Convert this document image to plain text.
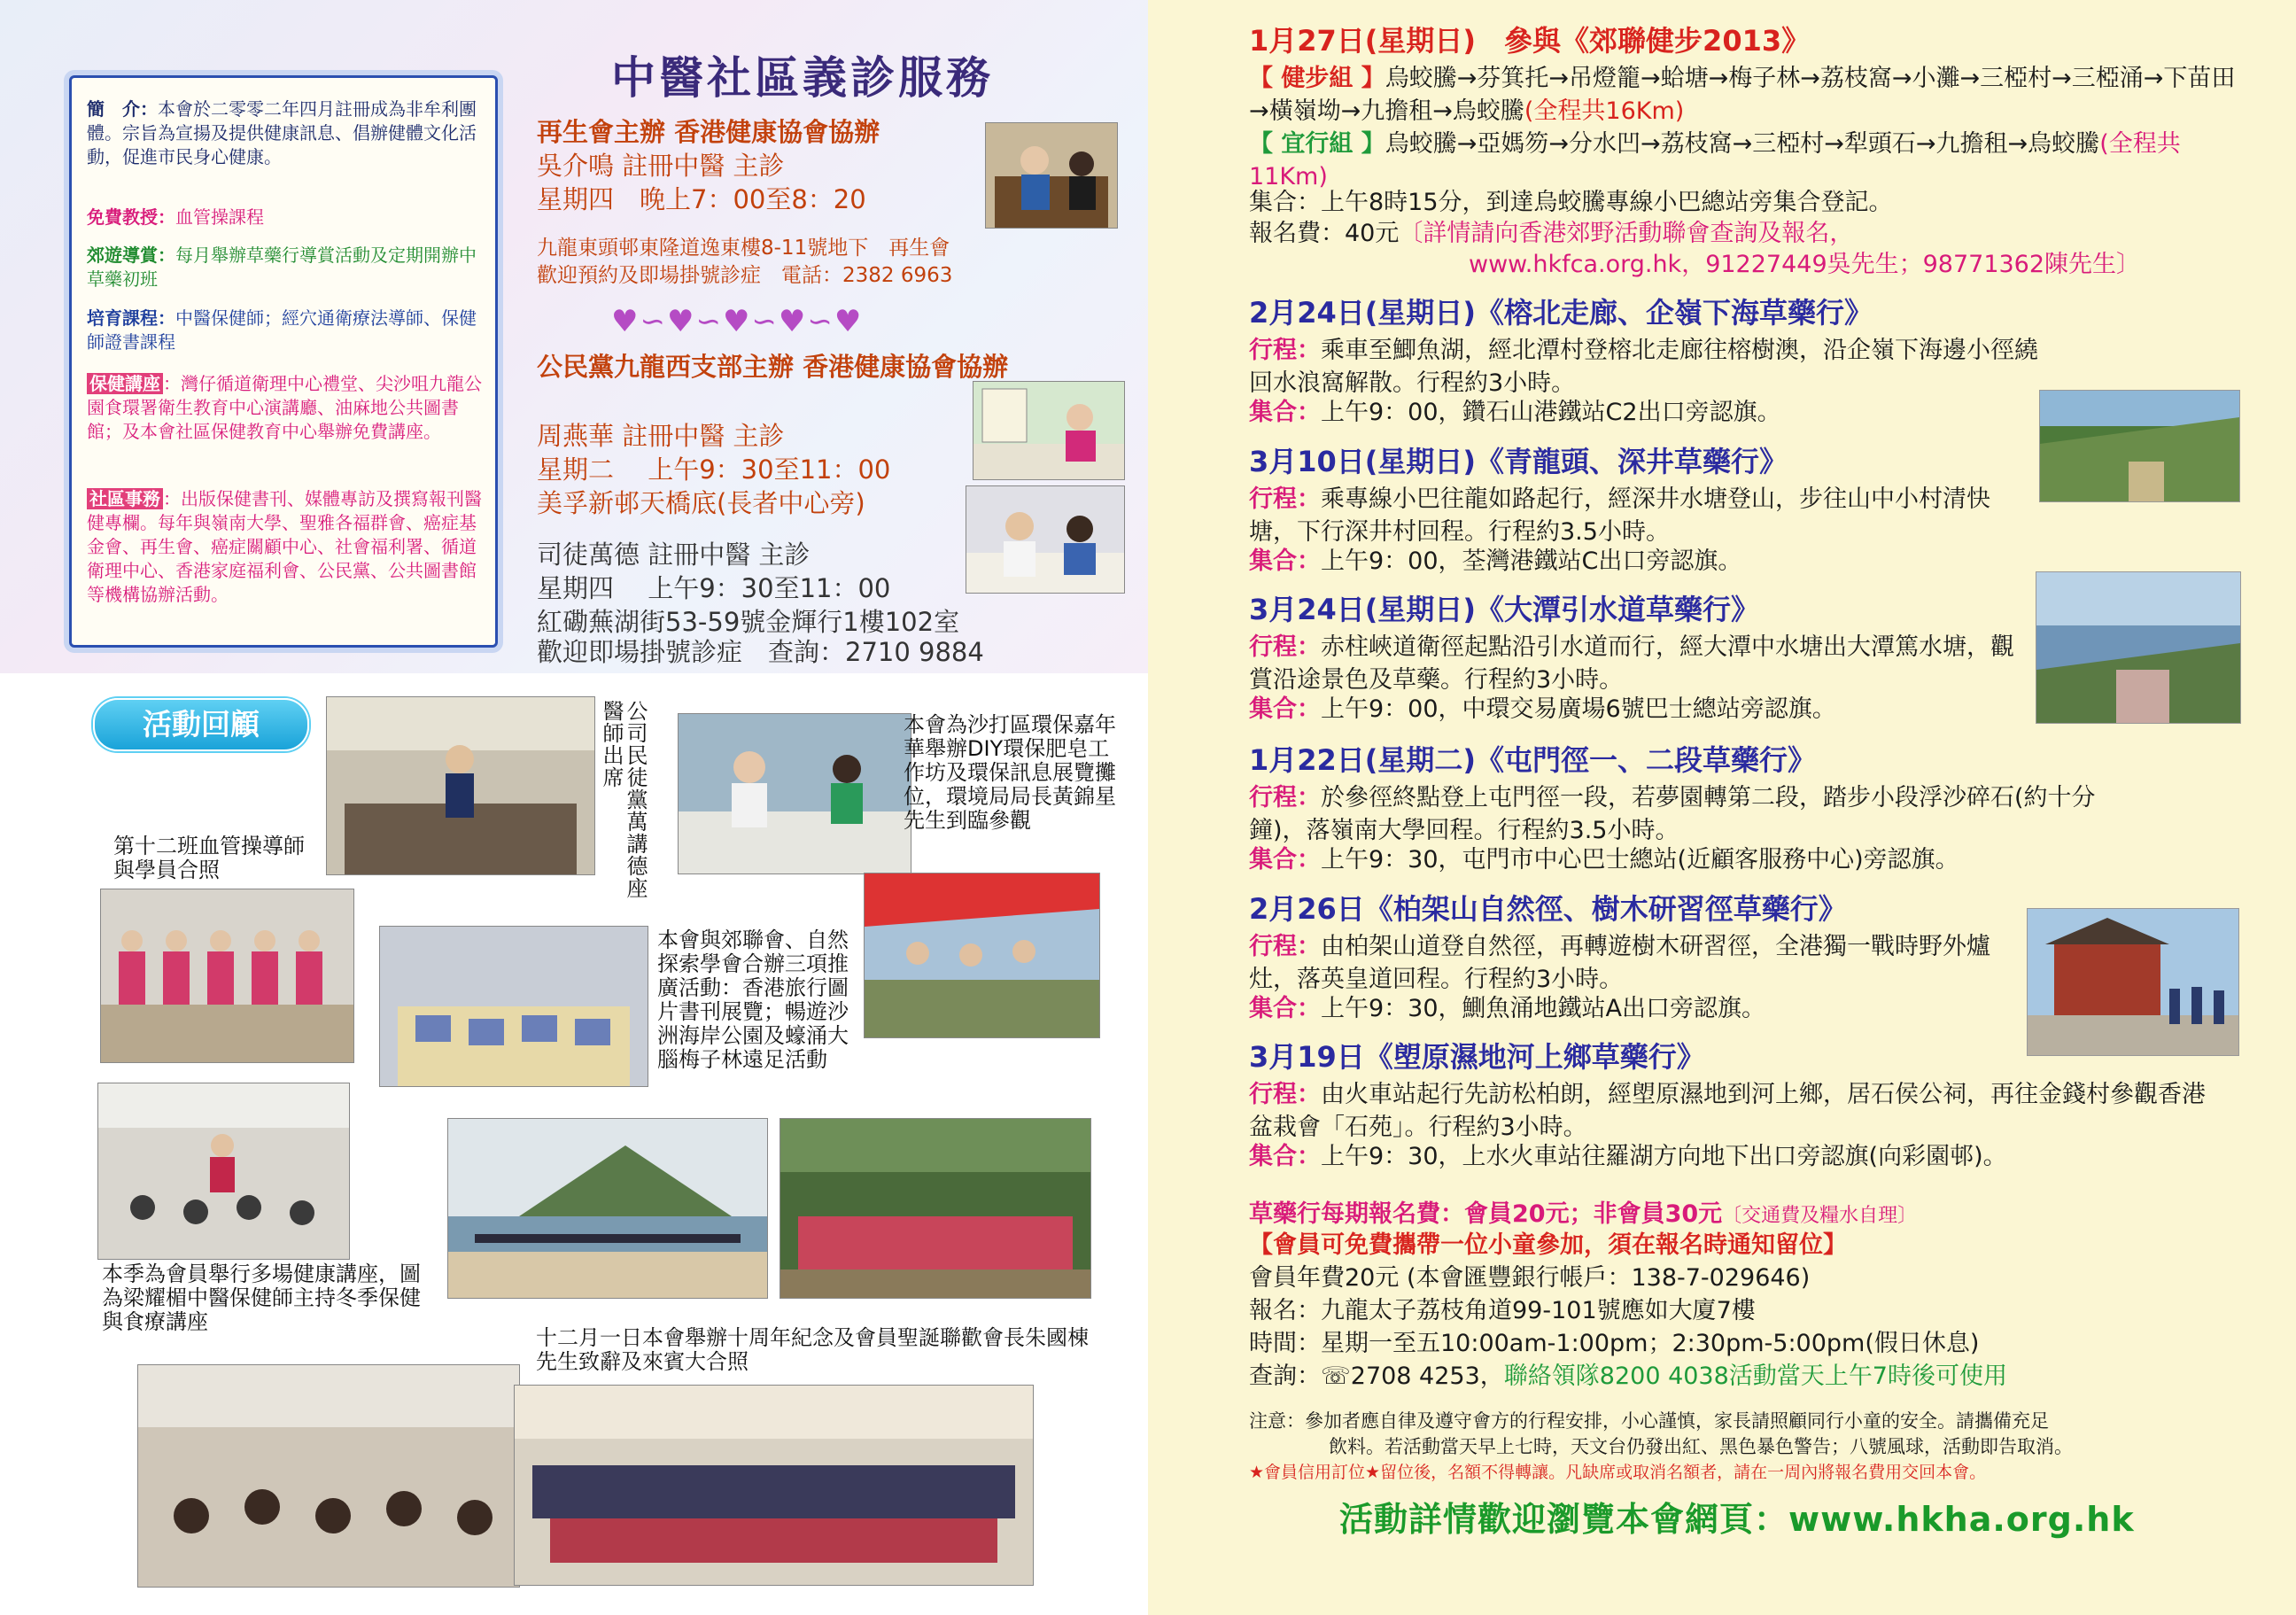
簡　介：本會於二零零二年四月註冊成為非牟利團體。宗旨為宣揚及提供健康訊息、倡辦健體文化活動，促進市民身心健康。
免費教授：血管操課程
郊遊導賞：每月舉辦草藥行導賞活動及定期開辦中草藥初班
培育課程：中醫保健師；經穴通衛療法導師、保健師證書課程
保健講座 ：灣仔循道衛理中心禮堂、尖沙咀九龍公園食環署衛生教育中心演講廳、油麻地公共圖書館；及本會社區保健教育中心舉辦免費講座。
社區事務 ：出版保健書刊、媒體專訪及撰寫報刊醫健專欄。每年與嶺南大學、聖雅各福群會、癌症基金會、再生會、癌症關顧中心、社會福利署、循道衛理中心、香港家庭福利會、公民黨、公共圖書館等機構協辦活動。
中醫社區義診服務
再生會主辦 香港健康協會協辦
吳介鳴 註冊中醫 主診
星期四　晚上7：00至8：20
九龍東頭邨東隆道逸東樓8-11號地下　再生會
歡迎預約及即場掛號診症　電話：2382 6963
♥∽♥∽♥∽♥∽♥
公民黨九龍西支部主辦 香港健康協會協辦
周燕華 註冊中醫 主診
星期二　 上午9：30至11：00
美孚新邨天橋底(長者中心旁)
司徒萬德 註冊中醫 主診
星期四　 上午9：30至11：00
紅磡蕪湖街53-59號金輝行1樓102室
歡迎即場掛號診症　查詢：2710 9884
活動回顧	公司民徒黨萬講德座醫師出席	本會為沙打區環保嘉年華舉辦DIY環保肥皂工作坊及環保訊息展覽攤位，環境局局長黃錦星先生到臨參觀
第十二班血管操導師與學員合照
本會與郊聯會、自然探索學會合辦三項推廣活動：香港旅行圖片書刊展覽；暢遊沙洲海岸公園及蠔涌大腦梅子林遠足活動
本季為會員舉行多場健康講座，圖為梁耀楣中醫保健師主持冬季保健與食療講座
十二月一日本會舉辦十周年紀念及會員聖誕聯歡會長朱國棟先生致辭及來賓大合照
1月27日(星期日)　參與《郊聯健步2013》
【 健步組 】烏蛟騰→芬箕托→吊燈籠→蛤塘→梅子林→荔枝窩→小灘→三椏村→三椏涌→下苗田→橫嶺坳→九擔租→烏蛟騰(全程共16Km)
【 宜行組 】烏蛟騰→亞媽笏→分水凹→荔枝窩→三椏村→犁頭石→九擔租→烏蛟騰(全程共11Km)
集合：上午8時15分，到達烏蛟騰專線小巴總站旁集合登記。
報名費：40元〔詳情請向香港郊野活動聯會查詢及報名，
www.hkfca.org.hk，91227449吳先生；98771362陳先生〕
2月24日(星期日)《榕北走廊、企嶺下海草藥行》
行程：乘車至鯽魚湖，經北潭村登榕北走廊往榕樹澳，沿企嶺下海邊小徑繞回水浪窩解散。行程約3小時。
集合：上午9：00，鑽石山港鐵站C2出口旁認旗。
3月10日(星期日)《青龍頭、深井草藥行》
行程：乘專線小巴往龍如路起行，經深井水塘登山，步往山中小村清快塘，下行深井村回程。行程約3.5小時。
集合：上午9：00，荃灣港鐵站C出口旁認旗。
3月24日(星期日)《大潭引水道草藥行》
行程：赤柱峽道衛徑起點沿引水道而行，經大潭中水塘出大潭篤水塘，觀賞沿途景色及草藥。行程約3小時。
集合：上午9：00，中環交易廣場6號巴士總站旁認旗。
1月22日(星期二)《屯門徑一、二段草藥行》
行程：於參徑終點登上屯門徑一段，若夢園轉第二段，踏步小段浮沙碎石(約十分鐘)，落嶺南大學回程。行程約3.5小時。
集合：上午9：30，屯門市中心巴士總站(近顧客服務中心)旁認旗。
2月26日《柏架山自然徑、樹木研習徑草藥行》
行程：由柏架山道登自然徑，再轉遊樹木研習徑，全港獨一戰時野外爐灶，落英皇道回程。行程約3小時。
集合：上午9：30，鰂魚涌地鐵站A出口旁認旗。
3月19日《塱原濕地河上鄉草藥行》
行程：由火車站起行先訪松柏朗，經塱原濕地到河上鄉，居石侯公祠，再往金錢村參觀香港盆栽會「石苑」。行程約3小時。
集合：上午9：30，上水火車站往羅湖方向地下出口旁認旗(向彩園邨)。
草藥行每期報名費：會員20元；非會員30元〔交通費及糧水自理〕
【會員可免費攜帶一位小童參加，須在報名時通知留位】
會員年費20元 (本會匯豐銀行帳戶：138-7-029646)
報名：九龍太子荔枝角道99-101號應如大廈7樓
時間：星期一至五10:00am-1:00pm；2:30pm-5:00pm(假日休息)
查詢：☏2708 4253，聯絡領隊8200 4038活動當天上午7時後可使用
注意：參加者應自律及遵守會方的行程安排，小心謹慎，家長請照顧同行小童的安全。請攜備充足
飲料。若活動當天早上七時，天文台仍發出紅、黑色暴色警告；八號風球，活動即告取消。
★會員信用訂位★留位後，名額不得轉讓。凡缺席或取消名額者，請在一周內將報名費用交回本會。
活動詳情歡迎瀏覽本會網頁：www.hkha.org.hk
